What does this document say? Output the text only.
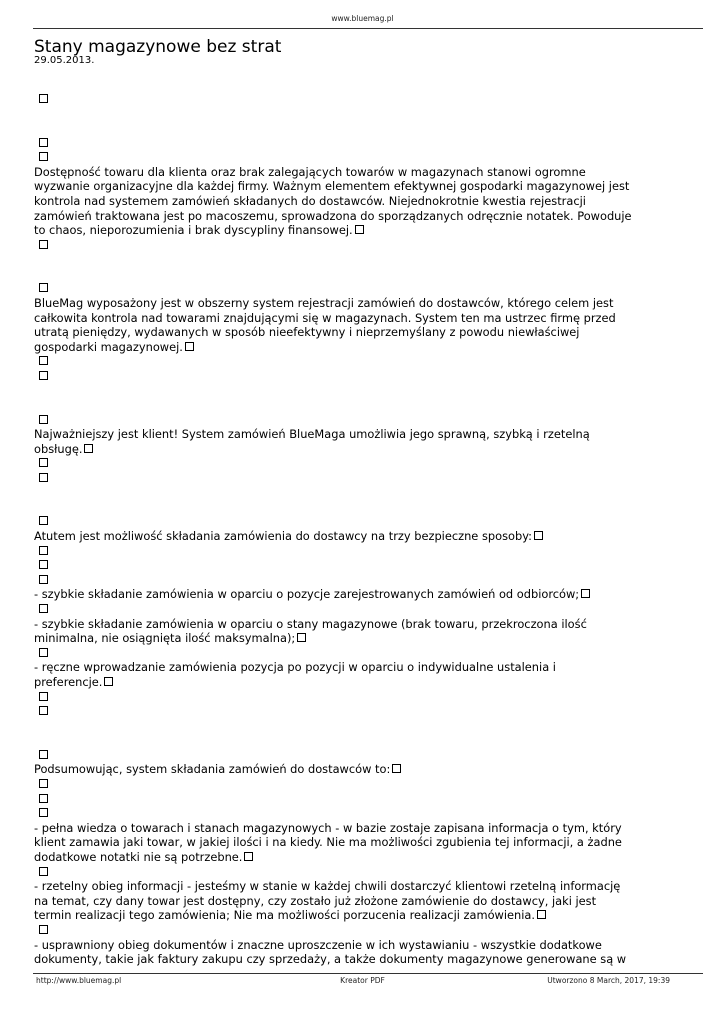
www.bluemag.pl
Stany magazynowe bez strat
29.05.2013.
Dostępność towaru dla klienta oraz brak zalegających towarów w magazynach stanowi ogromne
wyzwanie organizacyjne dla każdej firmy. Ważnym elementem efektywnej gospodarki magazynowej jest
kontrola nad systemem zamówień składanych do dostawców. Niejednokrotnie kwestia rejestracji
zamówień traktowana jest po macoszemu, sprowadzona do sporządzanych odręcznie notatek. Powoduje
to chaos, nieporozumienia i brak dyscypliny finansowej.
BlueMag wyposażony jest w obszerny system rejestracji zamówień do dostawców, którego celem jest
całkowita kontrola nad towarami znajdującymi się w magazynach. System ten ma ustrzec firmę przed
utratą pieniędzy, wydawanych w sposób nieefektywny i nieprzemyślany z powodu niewłaściwej
gospodarki magazynowej.
Najważniejszy jest klient! System zamówień BlueMaga umożliwia jego sprawną, szybką i rzetelną
obsługę.
Atutem jest możliwość składania zamówienia do dostawcy na trzy bezpieczne sposoby:
- szybkie składanie zamówienia w oparciu o pozycje zarejestrowanych zamówień od odbiorców;
- szybkie składanie zamówienia w oparciu o stany magazynowe (brak towaru, przekroczona ilość
minimalna, nie osiągnięta ilość maksymalna);
- ręczne wprowadzanie zamówienia pozycja po pozycji w oparciu o indywidualne ustalenia i
preferencje.
Podsumowując, system składania zamówień do dostawców to:
- pełna wiedza o towarach i stanach magazynowych - w bazie zostaje zapisana informacja o tym, który
klient zamawia jaki towar, w jakiej ilości i na kiedy. Nie ma możliwości zgubienia tej informacji, a żadne
dodatkowe notatki nie są potrzebne.
- rzetelny obieg informacji - jesteśmy w stanie w każdej chwili dostarczyć klientowi rzetelną informację
na temat, czy dany towar jest dostępny, czy zostało już złożone zamówienie do dostawcy, jaki jest
termin realizacji tego zamówienia; Nie ma możliwości porzucenia realizacji zamówienia.
- usprawniony obieg dokumentów i znaczne uproszczenie w ich wystawianiu - wszystkie dodatkowe
dokumenty, takie jak faktury zakupu czy sprzedaży, a także dokumenty magazynowe generowane są w
http://www.bluemag.pl	Kreator PDF	Utworzono 8 March, 2017, 19:39
